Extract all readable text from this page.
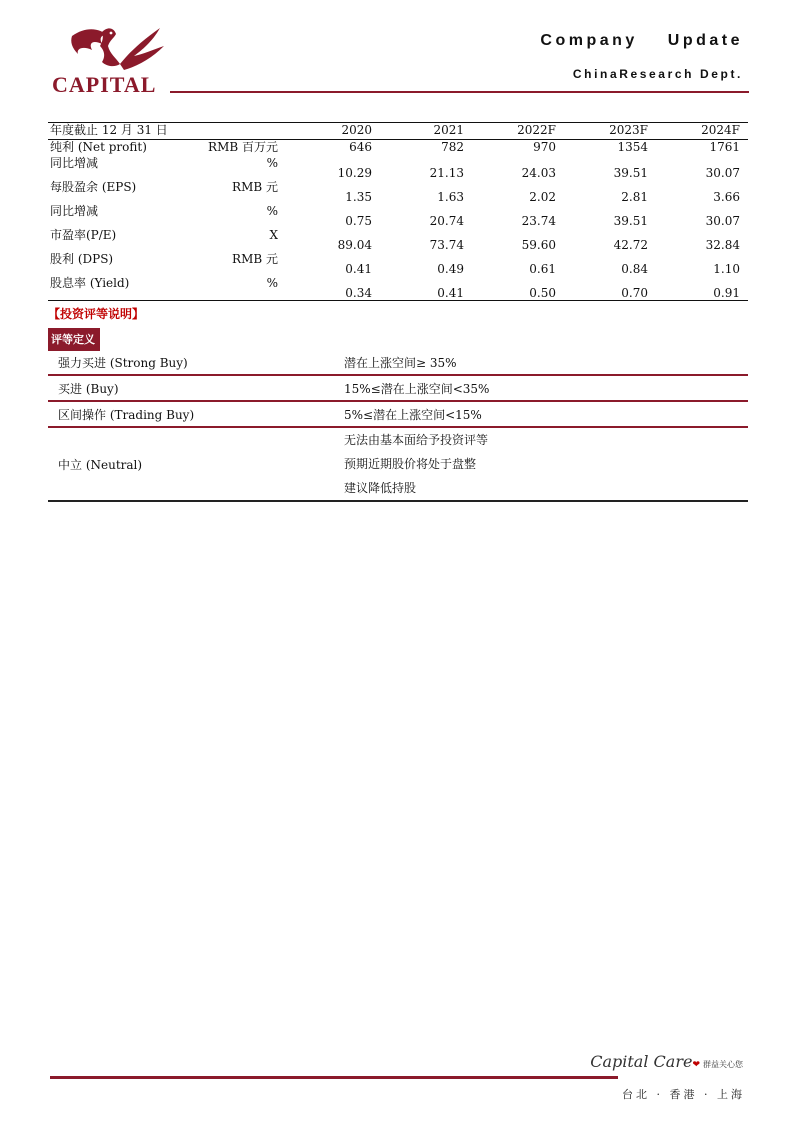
CAPITAL
Company Update
ChinaResearch Dept.
年度截止 12 月 31 日		2020	2021	2022F	2023F	2024F
纯利 (Net profit)	RMB 百万元	646	782	970	1354	1761
同比增减	%	10.29	21.13	24.03	39.51	30.07
每股盈余 (EPS)	RMB 元	1.35	1.63	2.02	2.81	3.66
同比增减	%	0.75	20.74	23.74	39.51	30.07
市盈率(P/E)	X	89.04	73.74	59.60	42.72	32.84
股利 (DPS)	RMB 元	0.41	0.49	0.61	0.84	1.10
股息率 (Yield)	%	0.34	0.41	0.50	0.70	0.91
【投资评等说明】
评等定义
强力买进 (Strong Buy)	潜在上涨空间≥ 35%
买进 (Buy)	15%≤潜在上涨空间<35%
区间操作 (Trading Buy)	5%≤潜在上涨空间<15%
中立 (Neutral)	无法由基本面给予投资评等
预期近期股价将处于盘整
建议降低持股
Capital Care❤ 群益关心您
台北 · 香港 · 上海
